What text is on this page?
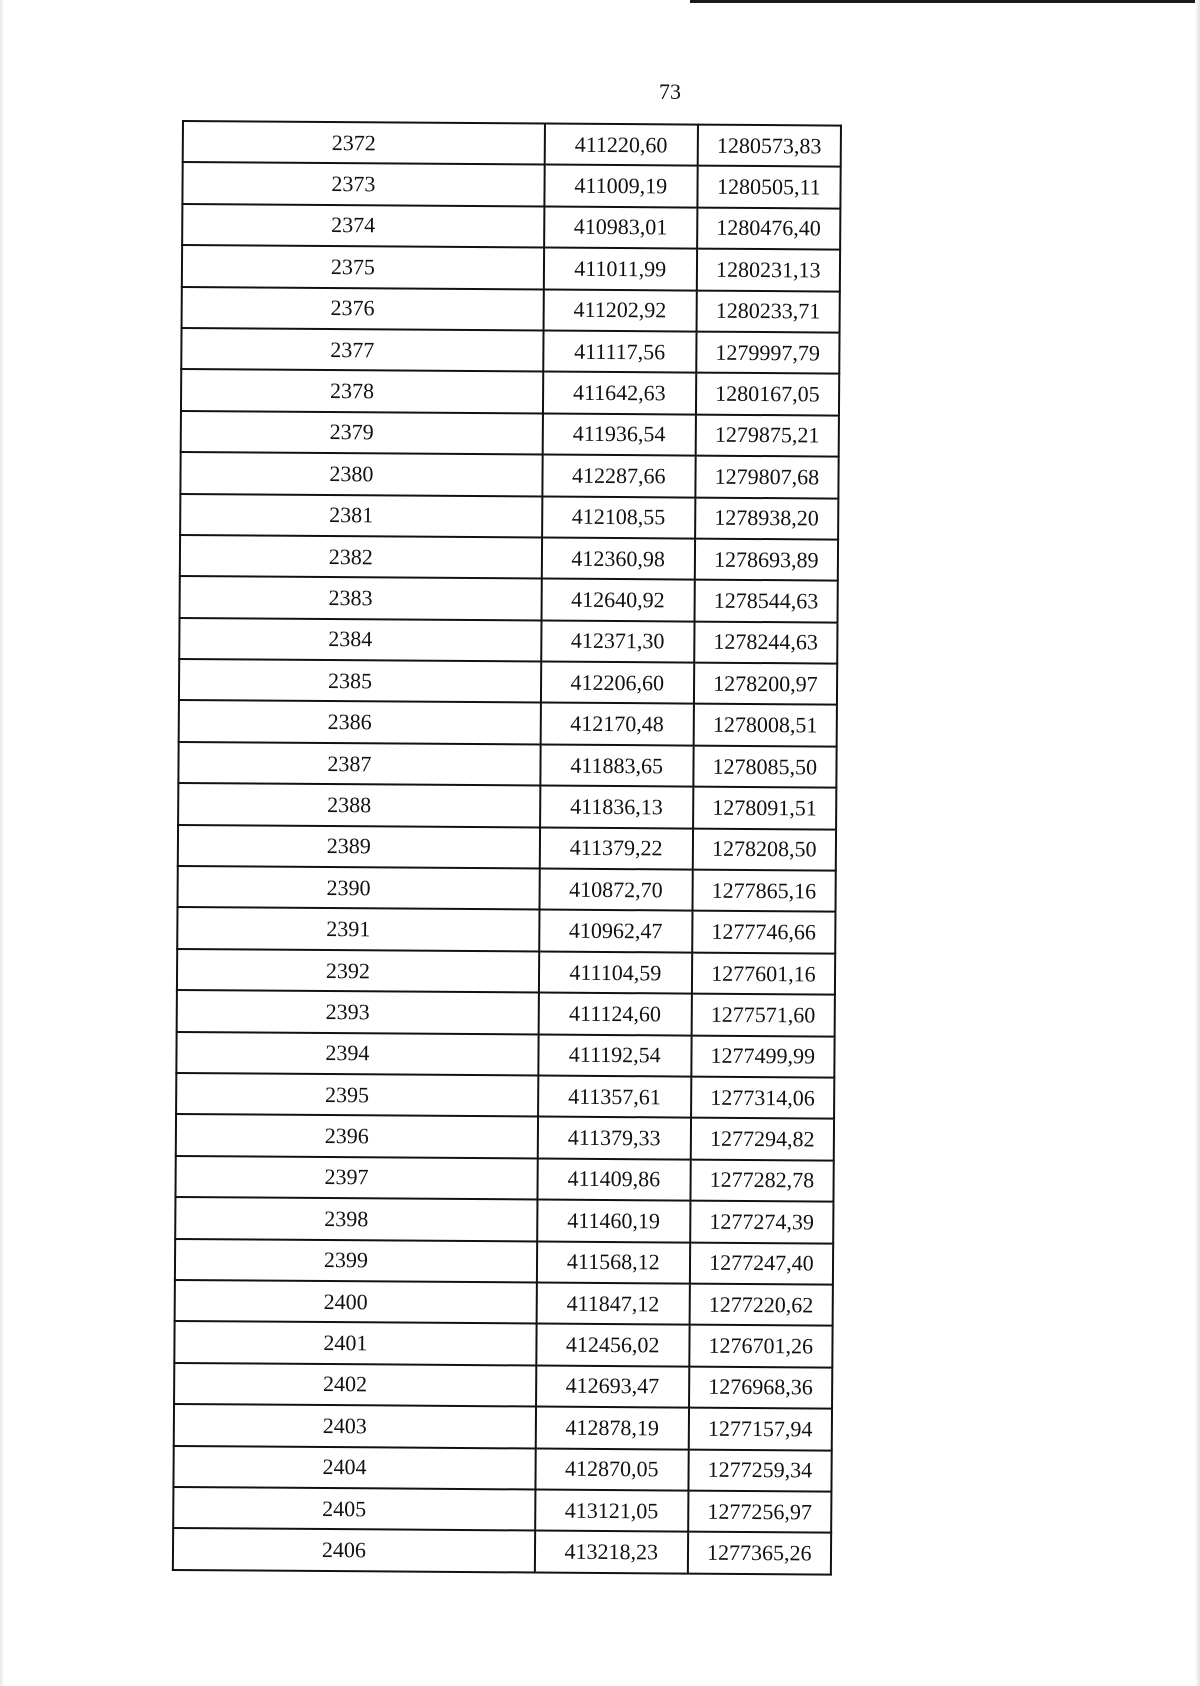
73
2372	411220,60	1280573,83
2373	411009,19	1280505,11
2374	410983,01	1280476,40
2375	411011,99	1280231,13
2376	411202,92	1280233,71
2377	411117,56	1279997,79
2378	411642,63	1280167,05
2379	411936,54	1279875,21
2380	412287,66	1279807,68
2381	412108,55	1278938,20
2382	412360,98	1278693,89
2383	412640,92	1278544,63
2384	412371,30	1278244,63
2385	412206,60	1278200,97
2386	412170,48	1278008,51
2387	411883,65	1278085,50
2388	411836,13	1278091,51
2389	411379,22	1278208,50
2390	410872,70	1277865,16
2391	410962,47	1277746,66
2392	411104,59	1277601,16
2393	411124,60	1277571,60
2394	411192,54	1277499,99
2395	411357,61	1277314,06
2396	411379,33	1277294,82
2397	411409,86	1277282,78
2398	411460,19	1277274,39
2399	411568,12	1277247,40
2400	411847,12	1277220,62
2401	412456,02	1276701,26
2402	412693,47	1276968,36
2403	412878,19	1277157,94
2404	412870,05	1277259,34
2405	413121,05	1277256,97
2406	413218,23	1277365,26
